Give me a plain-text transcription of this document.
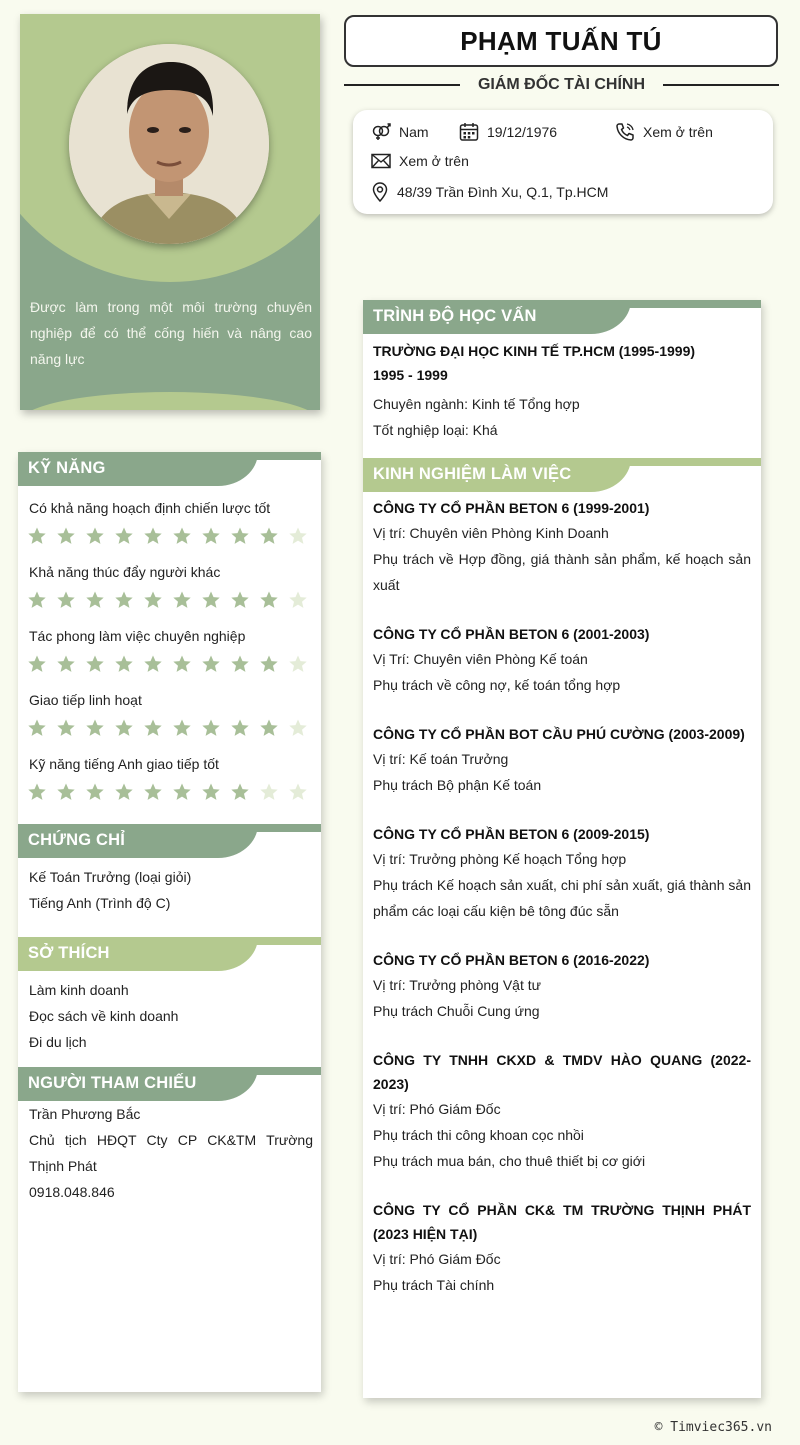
Được làm trong một môi trường chuyên nghiệp để có thể cống hiến và nâng cao năng lực
KỸ NĂNG
Có khả năng hoạch định chiến lược tốt
Khả năng thúc đẩy người khác
Tác phong làm việc chuyên nghiệp
Giao tiếp linh hoạt
Kỹ năng tiếng Anh giao tiếp tốt
CHỨNG CHỈ
Kế Toán Trưởng (loại giỏi)
Tiếng Anh (Trình độ C)
SỞ THÍCH
Làm kinh doanh
Đọc sách về kinh doanh
Đi du lịch
NGƯỜI THAM CHIẾU
Trần Phương Bắc
Chủ tịch HĐQT Cty CP CK&TM Trường Thịnh Phát
0918.048.846
PHẠM TUẤN TÚ
GIÁM ĐỐC TÀI CHÍNH
Nam	19/12/1976	Xem ở trên
Xem ở trên
48/39 Trần Đình Xu, Q.1, Tp.HCM
TRÌNH ĐỘ HỌC VẤN
TRƯỜNG ĐẠI HỌC KINH TẾ TP.HCM (1995-1999)
1995 - 1999
Chuyên ngành: Kinh tế Tổng hợp
Tốt nghiệp loại: Khá
KINH NGHIỆM LÀM VIỆC
CÔNG TY CỔ PHẦN BETON 6 (1999-2001)
Vị trí: Chuyên viên Phòng Kinh Doanh
Phụ trách về Hợp đồng, giá thành sản phẩm, kế hoạch sản xuất
CÔNG TY CỔ PHẦN BETON 6 (2001-2003)
Vị Trí: Chuyên viên Phòng Kế toán
Phụ trách về công nợ, kế toán tổng hợp
CÔNG TY CỔ PHẦN BOT CẦU PHÚ CƯỜNG (2003-2009)
Vị trí: Kế toán Trưởng
Phụ trách Bộ phận Kế toán
CÔNG TY CỔ PHẦN BETON 6 (2009-2015)
Vị trí: Trưởng phòng Kế hoạch Tổng hợp
Phụ trách Kế hoạch sản xuất, chi phí sản xuất, giá thành sản phẩm các loại cấu kiện bê tông đúc sẵn
CÔNG TY CỔ PHẦN BETON 6 (2016-2022)
Vị trí: Trưởng phòng Vật tư
Phụ trách Chuỗi Cung ứng
CÔNG TY TNHH CKXD & TMDV HÀO QUANG (2022-2023)
Vị trí: Phó Giám Đốc
Phụ trách thi công khoan cọc nhồi
Phụ trách mua bán, cho thuê thiết bị cơ giới
CÔNG TY CỔ PHẦN CK& TM TRƯỜNG THỊNH PHÁT (2023 HIỆN TẠI)
Vị trí: Phó Giám Đốc
Phụ trách Tài chính
© Timviec365.vn
